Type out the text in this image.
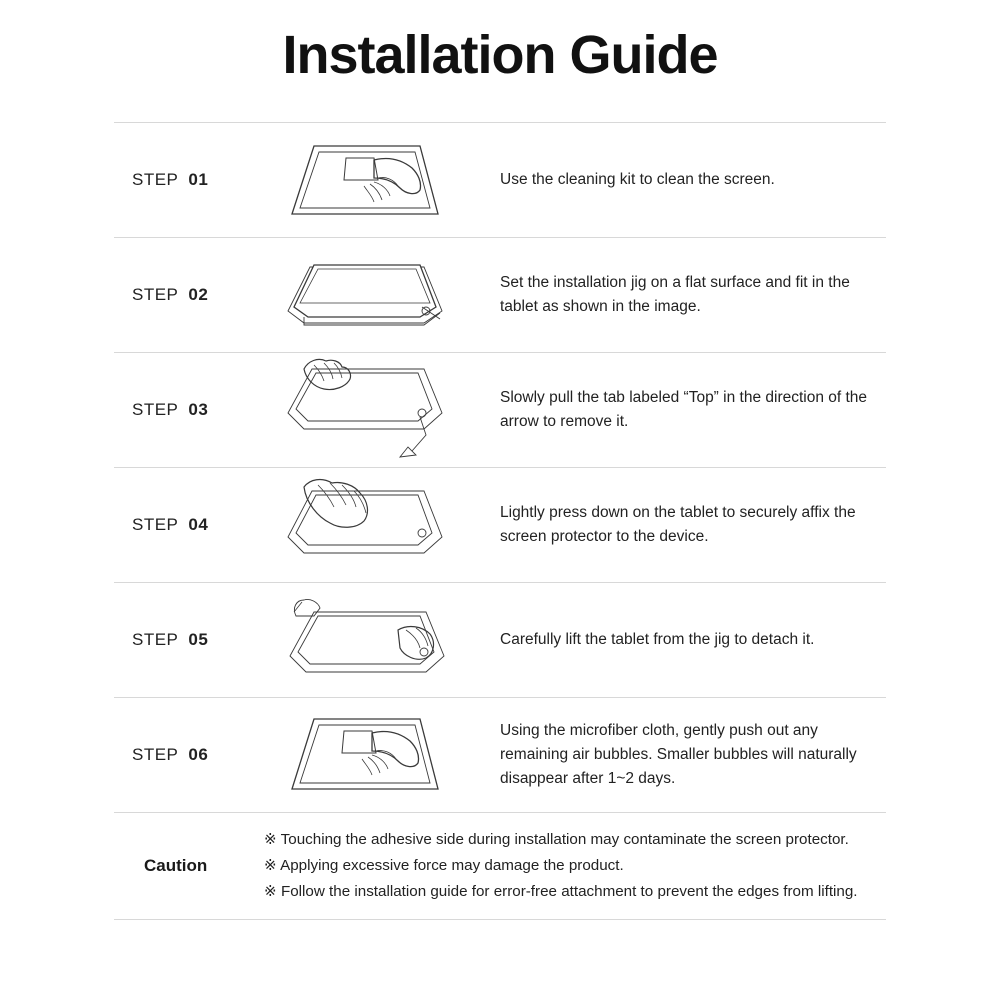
Installation Guide
STEP 01	Use the cleaning kit to clean the screen.
STEP 02
Set the installation jig on a flat surface and fit in the tablet as shown in the image.
STEP 03
Slowly pull the tab labeled “Top” in the direction of the arrow to remove it.
STEP 04
Lightly press down on the tablet to securely affix the screen protector to the device.
STEP 05	Carefully lift the tablet from the jig to detach it.
STEP 06
Using the microfiber cloth, gently push out any remaining air bubbles. Smaller bubbles will naturally disappear after 1~2 days.
Caution
※ Touching the adhesive side during installation may contaminate the screen protector.
※ Applying excessive force may damage the product.
※ Follow the installation guide for error-free attachment to prevent the edges from lifting.
